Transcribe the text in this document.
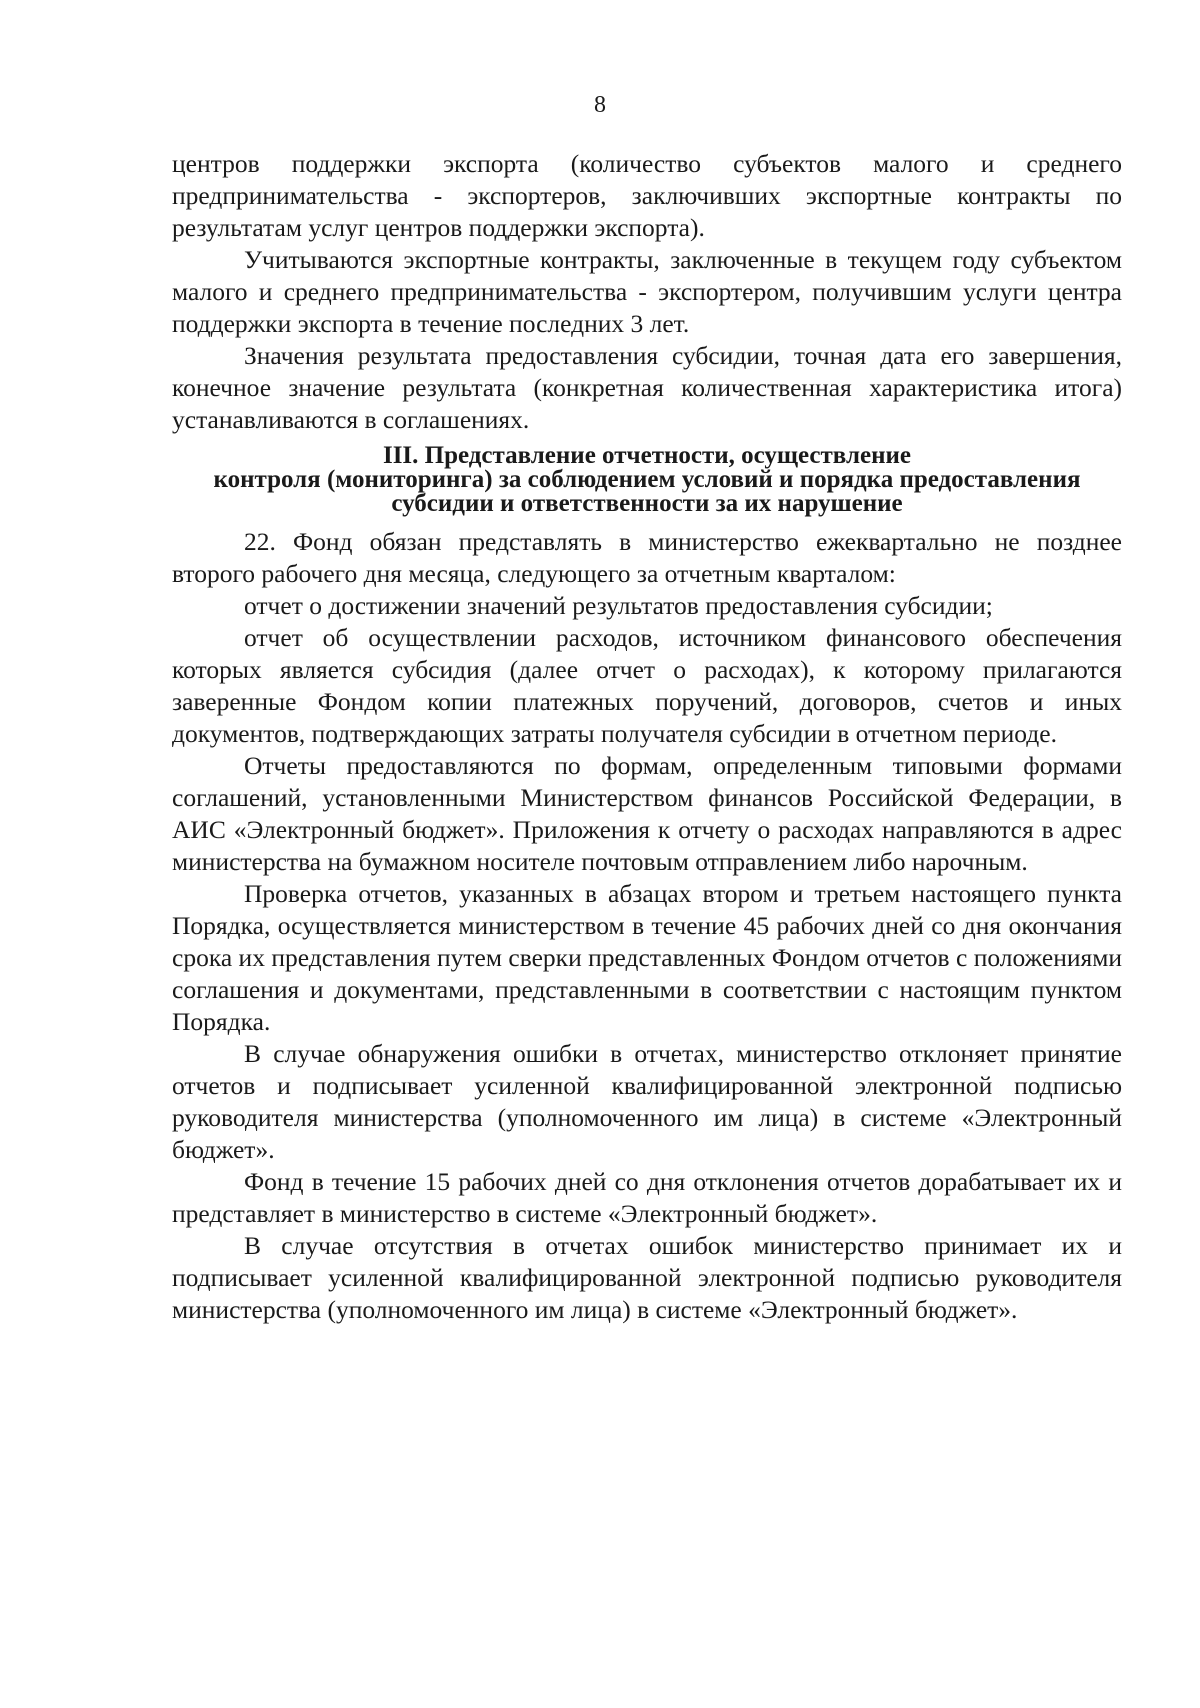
8

центров поддержки экспорта (количество субъектов малого и среднего предпринимательства - экспортеров, заключивших экспортные контракты по результатам услуг центров поддержки экспорта).

Учитываются экспортные контракты, заключенные в текущем году субъектом малого и среднего предпринимательства - экспортером, получившим услуги центра поддержки экспорта в течение последних 3 лет.

Значения результата предоставления субсидии, точная дата его завершения, конечное значение результата (конкретная количественная характеристика итога) устанавливаются в соглашениях.

III. Представление отчетности, осуществление
контроля (мониторинга) за соблюдением условий и порядка предоставления
субсидии и ответственности за их нарушение

22. Фонд обязан представлять в министерство ежеквартально не позднее второго рабочего дня месяца, следующего за отчетным кварталом:

отчет о достижении значений результатов предоставления субсидии;

отчет об осуществлении расходов, источником финансового обеспечения которых является субсидия (далее отчет о расходах), к которому прилагаются заверенные Фондом копии платежных поручений, договоров, счетов и иных документов, подтверждающих затраты получателя субсидии в отчетном периоде.

Отчеты предоставляются по формам, определенным типовыми формами соглашений, установленными Министерством финансов Российской Федерации, в АИС «Электронный бюджет». Приложения к отчету о расходах направляются в адрес министерства на бумажном носителе почтовым отправлением либо нарочным.

Проверка отчетов, указанных в абзацах втором и третьем настоящего пункта Порядка, осуществляется министерством в течение 45 рабочих дней со дня окончания срока их представления путем сверки представленных Фондом отчетов с положениями соглашения и документами, представленными в соответствии с настоящим пунктом Порядка.

В случае обнаружения ошибки в отчетах, министерство отклоняет принятие отчетов и подписывает усиленной квалифицированной электронной подписью руководителя министерства (уполномоченного им лица) в системе «Электронный бюджет».

Фонд в течение 15 рабочих дней со дня отклонения отчетов дорабатывает их и представляет в министерство в системе «Электронный бюджет».

В случае отсутствия в отчетах ошибок министерство принимает их и подписывает усиленной квалифицированной электронной подписью руководителя министерства (уполномоченного им лица) в системе «Электронный бюджет».
